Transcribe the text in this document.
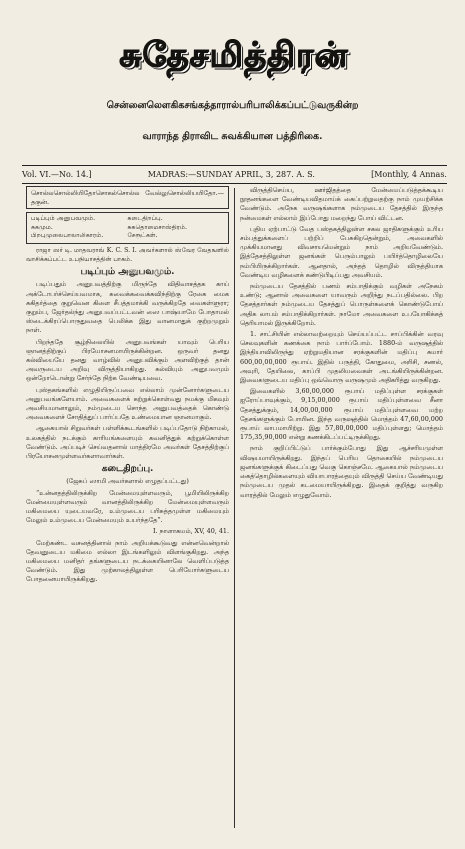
சுதேசமித்திரன்
சென்னைலெளகிகசங்கத்தாரால்பரிபாலிக்கப்பட்டுவருகின்ற
வாராந்த திராவிட சுவக்கியான பத்திரிகை.
Vol. VI.—No. 14.]	MADRAS:—SUNDAY APRIL, 3, 287. A. S.	[Monthly, 4 Annas.
சொல்லசொல்லியிதோசொகல்சொல்ல வேல்லுசொல்லியயிதோ.—தகுன்.
படிப்பும் அனுபவமும்.	கடைதிறப்பு.
சுகமும.	சுகதொமைசாஸ்திரம்.
பிறபுமுலைபாலாலிகாரம்.	சேரூட்கள்.
ராஜா ஸர் டி. மாதவராவ் K. C. S. I. அவர்களால் ஸ்வேர வேதஙளில் வாசிக்கப்பட்ட உபநியாசத்தின் பாகம்.
படிப்பும் அனுபவமும்.

படிப்பதும் அனுபவத்திற்கு மிருந்தே விதிவாசத்தக காய் அக்டோபர்ச்செய்யவமாக, சுவைக்கவைக்கவிந்திற்கு ரேகை மைக சுகிதர்த்தை குறுவென கிளை சீபத்தமாக்கி வருக்கிறதே வைகள்ளுரா; குறும்ப, ஜேர்தல்ந்து அனுபவப்பட்டவன் ஸை பாஷ்யாமே போதாமல் ஸ்டைக்கிரப்பொருதுவதை பெலிக்க இது வானமாதுக் குற்றமுறும் நாள்.

பிறந்ததே சூழ்நிலையில் அனுபவங்கள் யாவும் பெரிய ஞானத்திற்குப் பிரயோசனமாயிருக்கின்றன. ஒருவர் தனது கல்வியையே தனது வாழ்வில் அனுபவிக்கும் அளவிற்குத் தான் அவருடைய அறிவு விருத்தியாகிறது. கல்வியும் அனுபவமும் ஒன்றோடொன்று சேர்ந்தே நிற்க வேண்டியவை.

புஸ்தகங்களில் எழுதியிருப்பவை எல்லாம் முன்னோர்களுடைய அனுபவங்களேயாம். அவைகளைக் கற்றுக்கொள்வது நமக்கு மிகவும் அவசியமானாலும், நம்முடைய சொந்த அனுபவத்தைக் கொண்டு அவைகளைச் சோதித்துப் பார்ப்பதே உண்மையான ஞானமாகும்.

ஆகையால் சிறுவர்கள் பள்ளிக்கூடங்களில் படிப்பதோடு நிற்காமல், உலகத்தில் நடக்கும் காரியங்களையும் கவனித்துக் கற்றுக்கொள்ள வேண்டும். அப்படிச் செய்வதனால் மாத்திரமே அவர்கள் தேசத்திற்குப் பிரயோசனமுள்ளவர்களாவார்கள்.

கடைதிறப்பு.
(ஜேசுப் ஸாமி அவர்களால் எழுதப்பட்டது)

“உன்னதத்திலிருக்கிற மேன்மையுள்ளவரும், பூமியிலிருக்கிற மேன்மையுள்ளவரும் வானத்திலிருக்கிற மேன்மையுள்ளவரும் மகிமையை யுடையவரே, உம்முடைய பரிசுத்தமுள்ள மகிமையும் மேலும் உம்முடைய மேன்மையும் உயர்ந்ததே”.

I. நாளாகமம், XV, 40, 41.

மேற்கண்ட வசனத்தினால் நாம் அறியக்கூடுவது என்னவென்றால் தேவனுடைய மகிமை எல்லா இடங்களிலும் விளங்குகிறது. அந்த மகிமையை மனிதர் தங்களுடைய நடக்கையினாலே வெளிப்படுத்த வேண்டும். இது முற்காலத்திலுள்ள பெரியோர்களுடைய போதனையாயிருக்கிறது.

விருத்திசெய்ய, ஊர்ஜிதத்தை மேன்மைப்படுத்தக்கூடிய நூதனங்களை வேண்டியவிதமாய்க் கைப்பற்றுவதற்கு நாம் முயற்சிக்க வேண்டும். அநேக வருஷங்களாக நம்முடைய தேசத்தில் இருந்த நன்மைகள் எல்லாம் இப்போது மறைந்து போய் விட்டன.

புதிய ஏற்பாட்டு வேத பஸ்தகத்திலுள்ள சகல ஜாதிகளுக்கும் உரிய சம்பத்துக்களைப் பற்றிப் பேசுகிறதென்றும், அவைகளில் முக்கியமானது விவசாயமென்றும் நாம் அறியவேண்டும். இத்தேசத்திலுள்ள ஜனங்கள் பெரும்பாலும் பயிர்த்தொழிலையே நம்பியிருக்கிறார்கள். ஆனதால், அந்தத் தொழில் விருத்தியாக வேண்டிய வழிகளைக் கண்டுபிடிப்பது அவசியம்.

நம்முடைய தேசத்தில் பணம் சம்பாதிக்கும் வழிகள் அநேகம் உண்டு; ஆனால் அவைகளை யாவரும் அறிந்து நடப்பதில்லை. பிற தேசத்தார்கள் நம்முடைய தேசத்துப் பொருள்களைக் கொண்டுபோய் அதிக லாபம் சம்பாதிக்கிறார்கள். நாமோ அவைகளை உபயோகிக்கத் தெரியாமல் இருக்கிறோம்.

1. சாட்சியின் எல்லாவற்றையும் செய்யப்பட்ட சாப்பிக்கின் வரவு செலவுகளின் கணக்கை நாம் பார்ப்போம். 1880-ம் வருஷத்தில் இந்தியாவிலிருந்து ஏற்றுமதியான சரக்குகளின் மதிப்பு சுமார் 600,00,00,000 ரூபாய். இதில் பருத்தி, கோதுமை, அரிசி, சணல், அவுரி, தேயிலை, காப்பி முதலியவைகள் அடங்கியிருக்கின்றன. இவைகளுடைய மதிப்பு ஒவ்வொரு வருஷமும் அதிகரித்து வருகிறது.

இவைகளில் 3,60,00,000 ரூபாய் மதிப்புள்ள சரக்குகள் ஐரோப்பாவுக்கும், 9,15,00,000 ரூபாய் மதிப்புள்ளவை சீனா தேசத்துக்கும், 14,00,00,000 ரூபாய் மதிப்புள்ளவை மற்ற தேசங்களுக்கும் போயின. இந்த வருஷத்தில் மொத்தம் 47,60,00,000 ரூபாய் லாபமாயிற்று. இது 57,80,00,000 மதிப்புள்ளது; மொத்தம் 175,35,90,000 என்று கணக்கிடப்பட்டிருக்கிறது.

நாம் குறிப்பிட்டுப் பார்க்கும்போது இது ஆச்சரியமுள்ள விஷயமாயிருக்கிறது. இந்தப் பெரிய தொகையில் நம்முடைய ஜனங்களுக்குக் கிடைப்பது வெகு கொஞ்சமே. ஆகையால் நம்முடைய கைத்தொழில்களையும் வியாபாரத்தையும் விருத்தி செய்ய வேண்டியது நம்முடைய முதல் கடமையாயிருக்கிறது. இதைக் குறித்து வருகிற வாரத்தில் மேலும் எழுதுவோம்.
